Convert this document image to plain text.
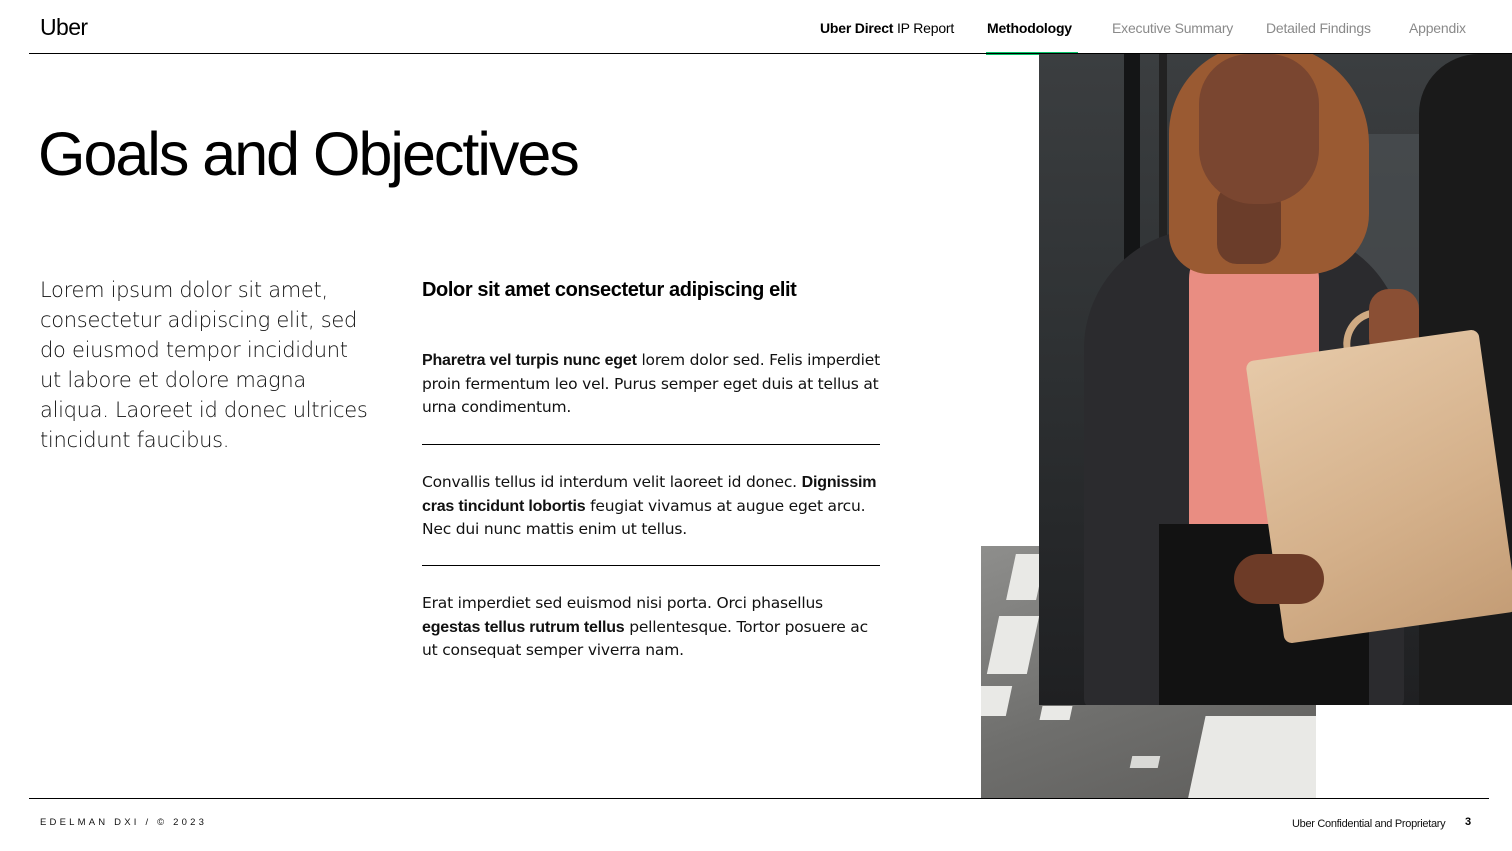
Uber	Uber Direct IP Report Methodology	Executive Summary Detailed Findings	Appendix
Goals and Objectives

Lorem ipsum dolor sit amet, consectetur adipiscing elit, sed do eiusmod tempor incididunt ut labore et dolore magna aliqua. Laoreet id donec ultrices tincidunt faucibus.

Dolor sit amet consectetur adipiscing elit

Pharetra vel turpis nunc eget lorem dolor sed. Felis imperdiet proin fermentum leo vel. Purus semper eget duis at tellus at urna condimentum.

Convallis tellus id interdum velit laoreet id donec. Dignissim cras tincidunt lobortis feugiat vivamus at augue eget arcu. Nec dui nunc mattis enim ut tellus.

Erat imperdiet sed euismod nisi porta. Orci phasellus egestas tellus rutrum tellus pellentesque. Tortor posuere ac ut consequat semper viverra nam.

EDELMAN DXI / © 2023	Uber Confidential and Proprietary 3
